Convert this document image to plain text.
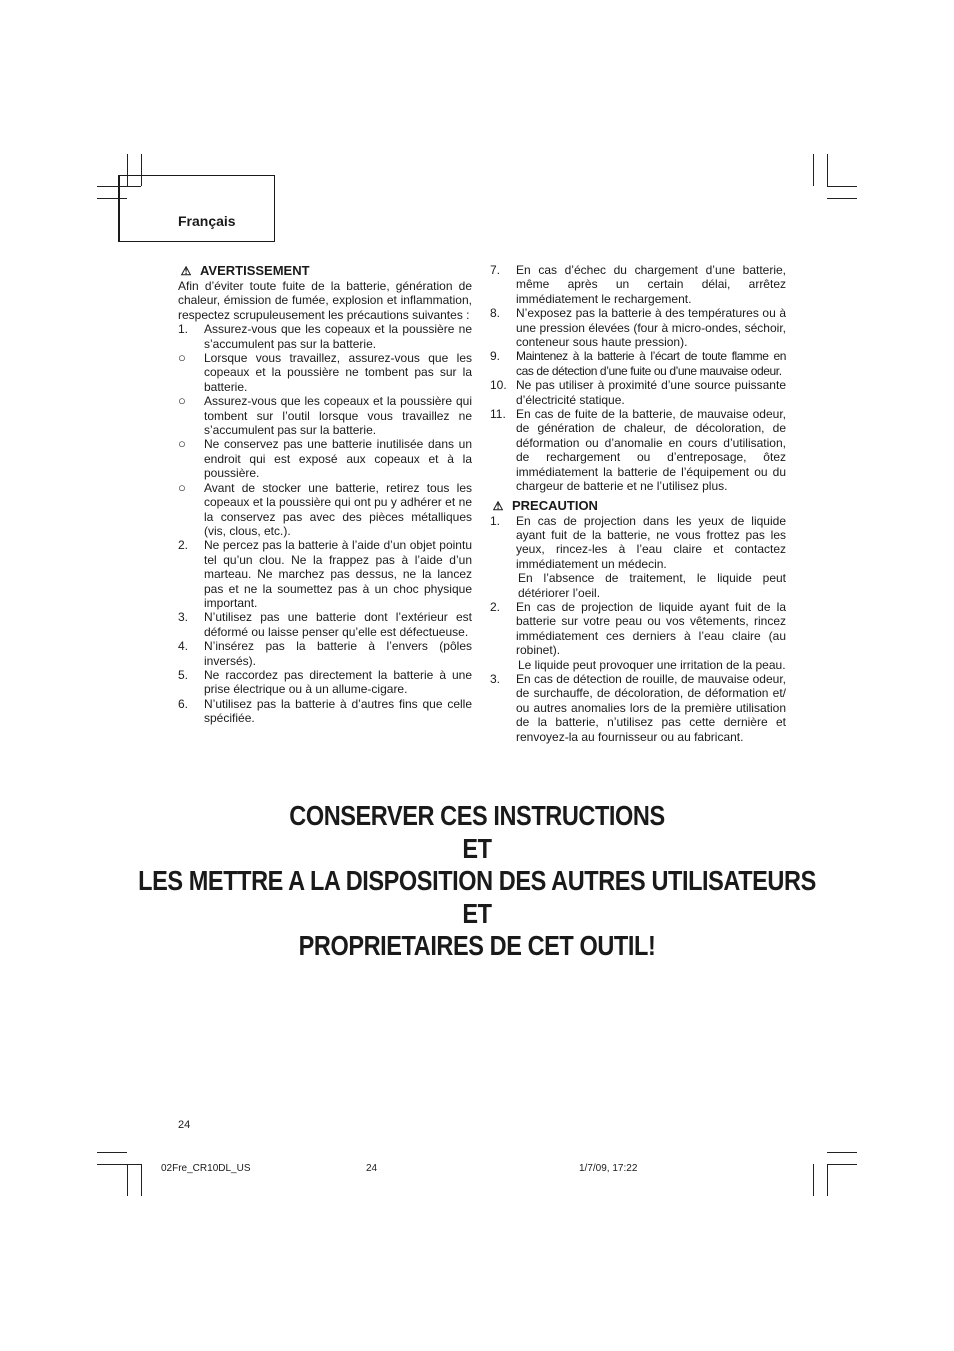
Français
⚠ AVERTISSEMENT

Afin d’éviter toute fuite de la batterie, génération de chaleur, émission de fumée, explosion et inflammation, respectez scrupuleusement les précautions suivantes :

1.	Assurez-vous que les copeaux et la poussière ne s’accumulent pas sur la batterie.
○	Lorsque vous travaillez, assurez-vous que les copeaux et la poussière ne tombent pas sur la batterie.
○	Assurez-vous que les copeaux et la poussière qui tombent sur l’outil lorsque vous travaillez ne s’accumulent pas sur la batterie.
○	Ne conservez pas une batterie inutilisée dans un endroit qui est exposé aux copeaux et à la poussière.
○	Avant de stocker une batterie, retirez tous les copeaux et la poussière qui ont pu y adhérer et ne la conservez pas avec des pièces métalliques (vis, clous, etc.).
2.	Ne percez pas la batterie à l’aide d’un objet pointu tel qu’un clou. Ne la frappez pas à l’aide d’un marteau. Ne marchez pas dessus, ne la lancez pas et ne la soumettez pas à un choc physique important.
3.	N’utilisez pas une batterie dont l’extérieur est déformé ou laisse penser qu’elle est défectueuse.
4.	N’insérez pas la batterie à l’envers (pôles inversés).
5.	Ne raccordez pas directement la batterie à une prise électrique ou à un allume-cigare.
6.	N’utilisez pas la batterie à d’autres fins que celle spécifiée.
7.	En cas d’échec du chargement d’une batterie, même après un certain délai, arrêtez immédiatement le rechargement.
8.	N’exposez pas la batterie à des températures ou à une pression élevées (four à micro-ondes, séchoir, conteneur sous haute pression).
9.	Maintenez à la batterie à l’écart de toute flamme en cas de détection d’une fuite ou d’une mauvaise odeur.
10. Ne pas utiliser à proximité d’une source puissante d’électricité statique.
11. En cas de fuite de la batterie, de mauvaise odeur, de génération de chaleur, de décoloration, de déformation ou d’anomalie en cours d’utilisation, de rechargement ou d’entreposage, ôtez immédiatement la batterie de l’équipement ou du chargeur de batterie et ne l’utilisez plus.
⚠ PRECAUTION
1.	En cas de projection dans les yeux de liquide ayant fuit de la batterie, ne vous frottez pas les yeux, rincez-les à l’eau claire et contactez immédiatement un médecin.
En l’absence de traitement, le liquide peut détériorer l’oeil.
2.	En cas de projection de liquide ayant fuit de la batterie sur votre peau ou vos vêtements, rincez immédiatement ces derniers à l’eau claire (au robinet).
Le liquide peut provoquer une irritation de la peau.
3.	En cas de détection de rouille, de mauvaise odeur, de surchauffe, de décoloration, de déformation et/ ou autres anomalies lors de la première utilisation de la batterie, n’utilisez pas cette dernière et renvoyez-la au fournisseur ou au fabricant.
CONSERVER CES INSTRUCTIONS
ET
LES METTRE A LA DISPOSITION DES AUTRES UTILISATEURS
ET
PROPRIETAIRES DE CET OUTIL!
24
02Fre_CR10DL_US	24	1/7/09, 17:22
